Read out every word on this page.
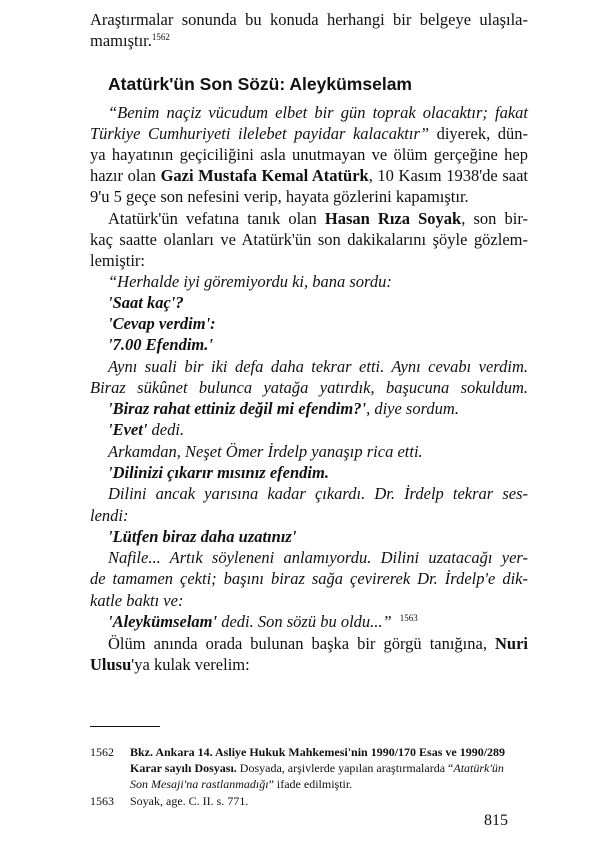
Araştırmalar sonunda bu konuda herhangi bir belgeye ulaşıla-
mamıştır.$^{1562}$
Atatürk'ün Son Sözü: Aleykümselam
“Benim naçiz vücudum elbet bir gün toprak olacaktır; fakat
Türkiye Cumhuriyeti ilelebet payidar kalacaktır” diyerek, dün-
ya hayatının geçiciliğini asla unutmayan ve ölüm gerçeğine hep
hazır olan Gazi Mustafa Kemal Atatürk, 10 Kasım 1938'de saat
9'u 5 geçe son nefesini verip, hayata gözlerini kapamıştır.
Atatürk'ün vefatına tanık olan Hasan Rıza Soyak, son bir-
kaç saatte olanları ve Atatürk'ün son dakikalarını şöyle gözlem-
lemiştir:
“Herhalde iyi göremiyordu ki, bana sordu:
'Saat kaç'?
'Cevap verdim':
'7.00 Efendim.'
Aynı suali bir iki defa daha tekrar etti. Aynı cevabı verdim.
Biraz sükûnet bulunca yatağa yatırdık, başucuna sokuldum.
'Biraz rahat ettiniz değil mi efendim?', diye sordum.
'Evet' dedi.
Arkamdan, Neşet Ömer İrdelp yanaşıp rica etti.
'Dilinizi çıkarır mısınız efendim.
Dilini ancak yarısına kadar çıkardı. Dr. İrdelp tekrar ses-
lendi:
'Lütfen biraz daha uzatınız'
Nafile... Artık söyleneni anlamıyordu. Dilini uzatacağı yer-
de tamamen çekti; başını biraz sağa çevirerek Dr. İrdelp'e dik-
katle baktı ve:
'Aleykümselam' dedi. Son sözü bu oldu...” $^{1563}$
Ölüm anında orada bulunan başka bir görgü tanığına, Nuri
Ulusu'ya kulak verelim:
1562 Bkz. Ankara 14. Asliye Hukuk Mahkemesi'nin 1990/170 Esas ve 1990/289
Karar sayılı Dosyası. Dosyada, arşivlerde yapılan araştırmalarda “Atatürk'ün
Son Mesaji'na rastlanmadığı” ifade edilmiştir.
1563 Soyak, age. C. II. s. 771.
815
